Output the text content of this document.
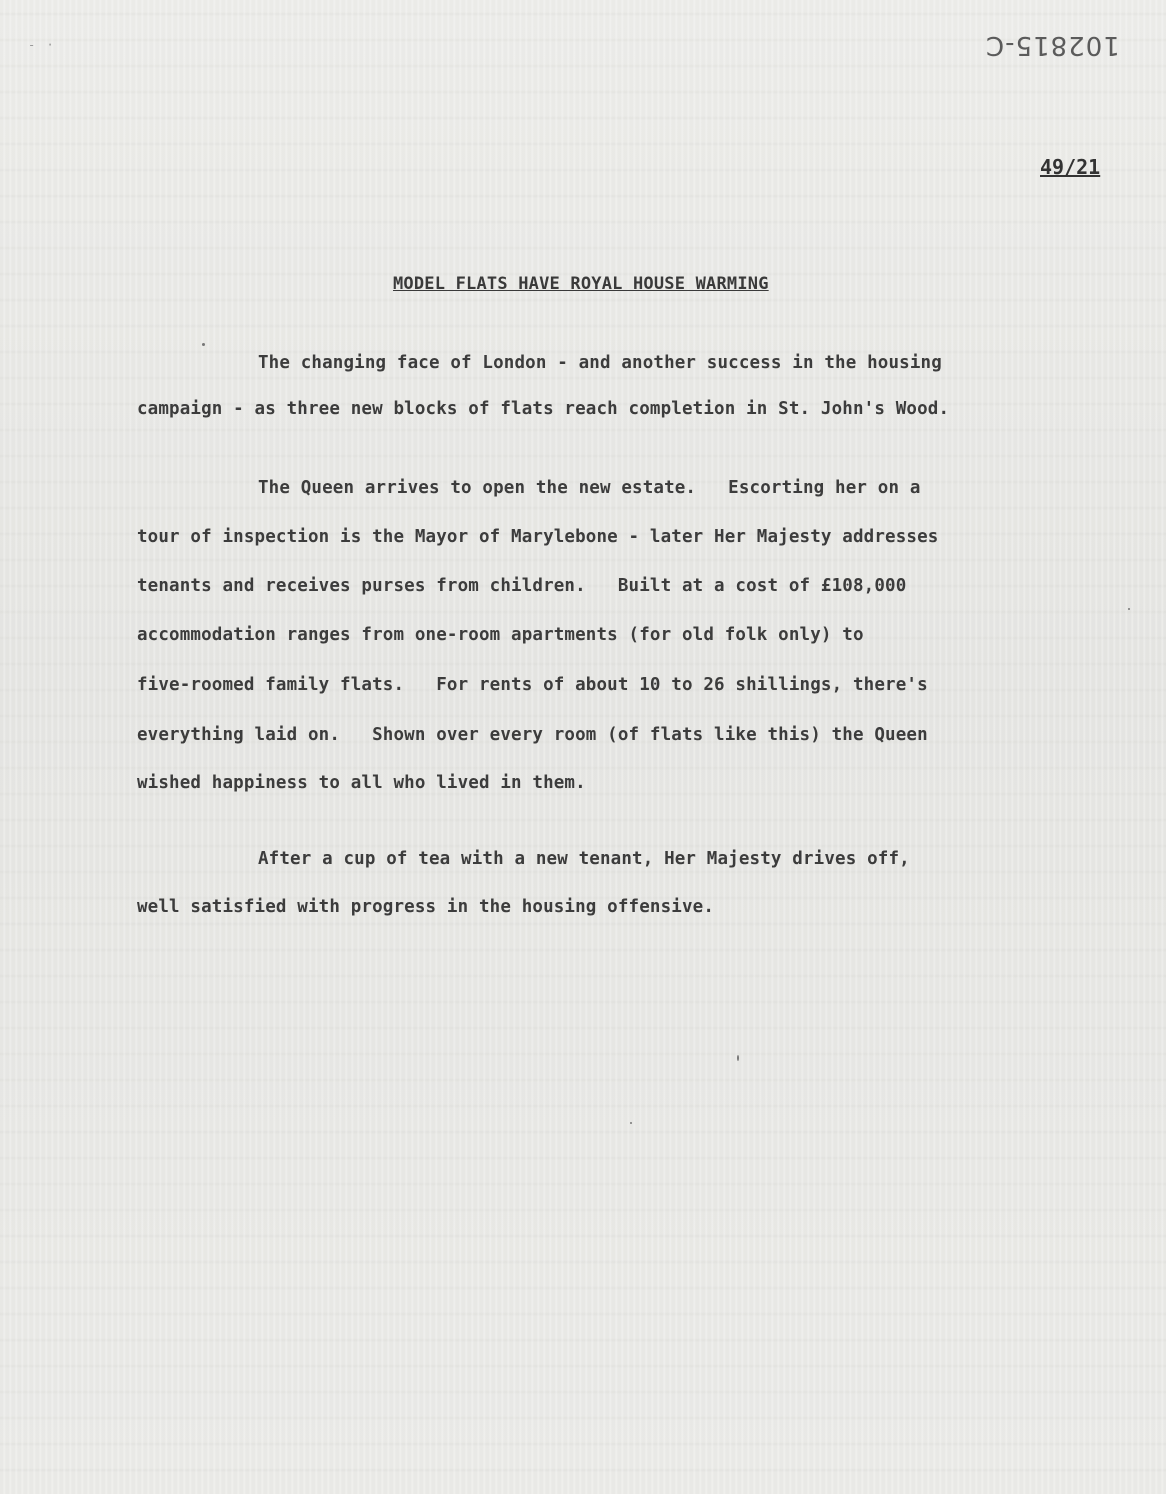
- ·	102815-C
49/21
MODEL FLATS HAVE ROYAL HOUSE WARMING
The changing face of London - and another success in the housing
campaign - as three new blocks of flats reach completion in St. John's Wood.
The Queen arrives to open the new estate.   Escorting her on a
tour of inspection is the Mayor of Marylebone - later Her Majesty addresses
tenants and receives purses from children.   Built at a cost of £108,000
accommodation ranges from one-room apartments (for old folk only) to
five-roomed family flats.   For rents of about 10 to 26 shillings, there's
everything laid on.   Shown over every room (of flats like this) the Queen
wished happiness to all who lived in them.
After a cup of tea with a new tenant, Her Majesty drives off,
well satisfied with progress in the housing offensive.
